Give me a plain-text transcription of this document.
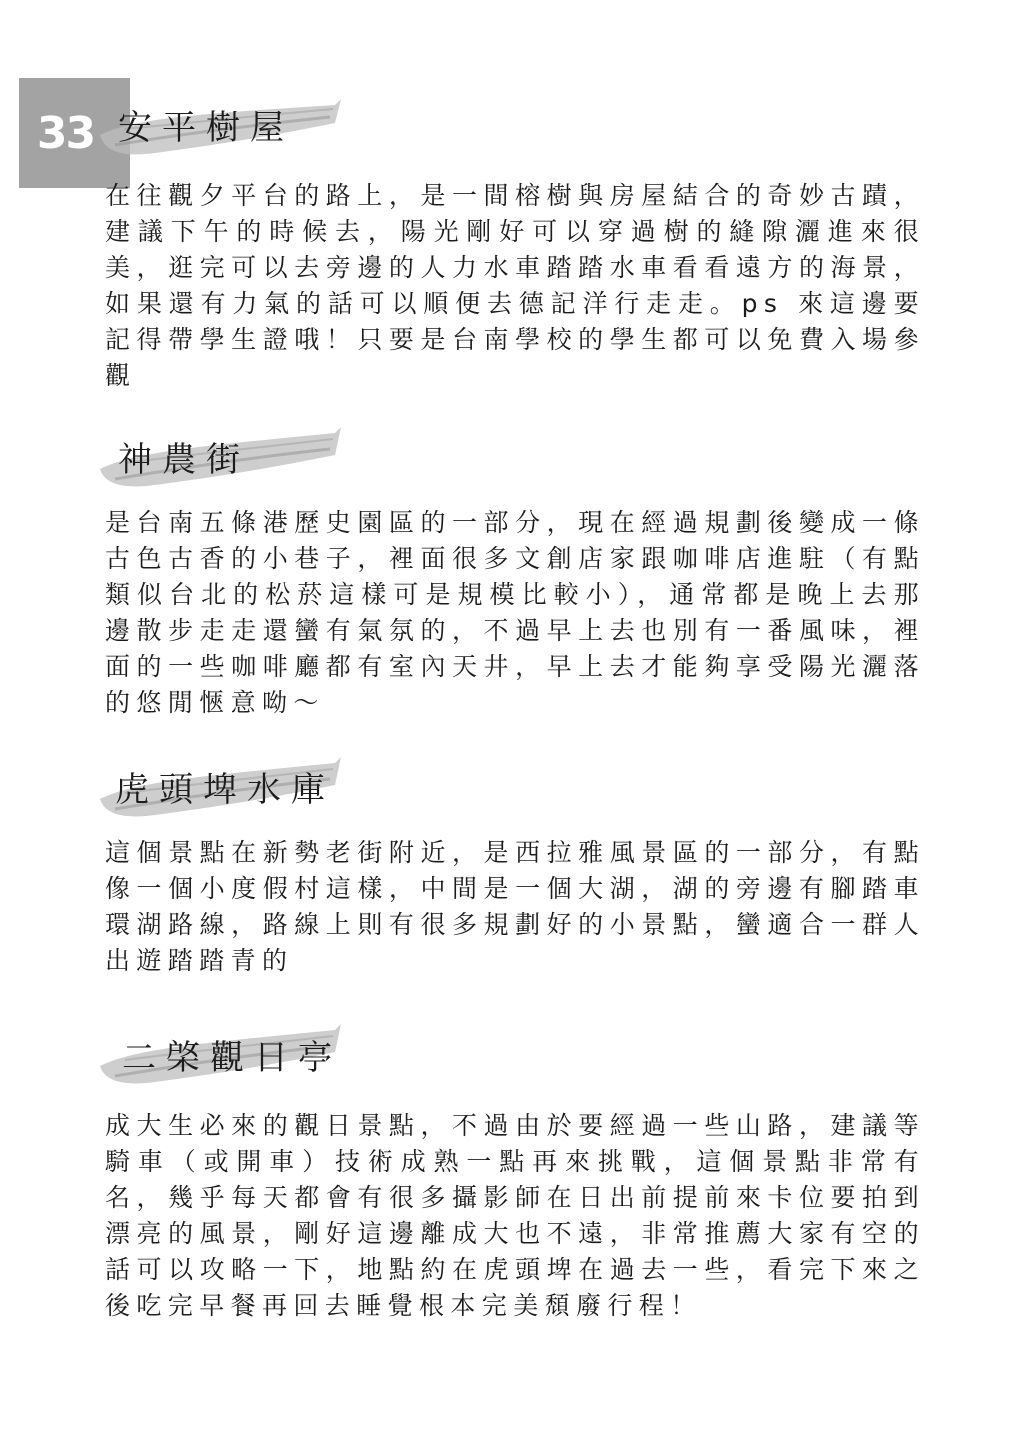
33 安平樹屋

在往觀夕平台的路上，是一間榕樹與房屋結合的奇妙古蹟，建議下午的時候去，陽光剛好可以穿過樹的縫隙灑進來很美，逛完可以去旁邊的人力水車踏踏水車看看遠方的海景，如果還有力氣的話可以順便去德記洋行走走。ps 來這邊要記得帶學生證哦！只要是台南學校的學生都可以免費入場參觀

神農街

是台南五條港歷史園區的一部分，現在經過規劃後變成一條古色古香的小巷子，裡面很多文創店家跟咖啡店進駐（有點類似台北的松菸這樣可是規模比較小），通常都是晚上去那邊散步走走還蠻有氣氛的，不過早上去也別有一番風味，裡面的一些咖啡廳都有室內天井，早上去才能夠享受陽光灑落的悠閒愜意呦～

虎頭埤水庫

這個景點在新勢老街附近，是西拉雅風景區的一部分，有點像一個小度假村這樣，中間是一個大湖，湖的旁邊有腳踏車環湖路線，路線上則有很多規劃好的小景點，蠻適合一群人出遊踏踏青的

二棨觀日亭

成大生必來的觀日景點，不過由於要經過一些山路，建議等騎車（或開車）技術成熟一點再來挑戰，這個景點非常有名，幾乎每天都會有很多攝影師在日出前提前來卡位要拍到漂亮的風景，剛好這邊離成大也不遠，非常推薦大家有空的話可以攻略一下，地點約在虎頭埤在過去一些，看完下來之後吃完早餐再回去睡覺根本完美頹廢行程！
